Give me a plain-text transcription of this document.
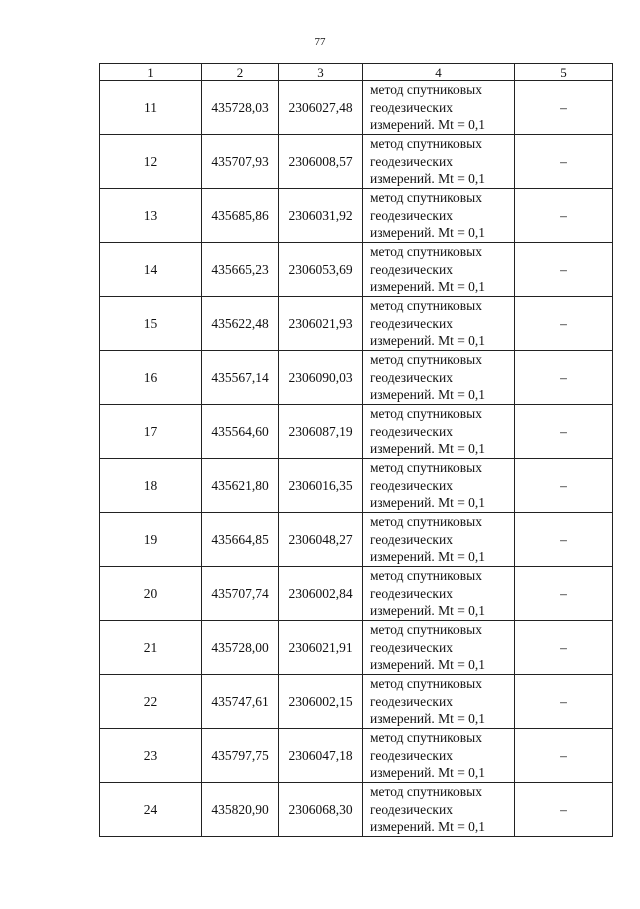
77
1	2	3	4	5
11	435728,03	2306027,48	метод спутниковых
геодезических
измерений. Mt = 0,1	–
12	435707,93	2306008,57	метод спутниковых
геодезических
измерений. Mt = 0,1	–
13	435685,86	2306031,92	метод спутниковых
геодезических
измерений. Mt = 0,1	–
14	435665,23	2306053,69	метод спутниковых
геодезических
измерений. Mt = 0,1	–
15	435622,48	2306021,93	метод спутниковых
геодезических
измерений. Mt = 0,1	–
16	435567,14	2306090,03	метод спутниковых
геодезических
измерений. Mt = 0,1	–
17	435564,60	2306087,19	метод спутниковых
геодезических
измерений. Mt = 0,1	–
18	435621,80	2306016,35	метод спутниковых
геодезических
измерений. Mt = 0,1	–
19	435664,85	2306048,27	метод спутниковых
геодезических
измерений. Mt = 0,1	–
20	435707,74	2306002,84	метод спутниковых
геодезических
измерений. Mt = 0,1	–
21	435728,00	2306021,91	метод спутниковых
геодезических
измерений. Mt = 0,1	–
22	435747,61	2306002,15	метод спутниковых
геодезических
измерений. Mt = 0,1	–
23	435797,75	2306047,18	метод спутниковых
геодезических
измерений. Mt = 0,1	–
24	435820,90	2306068,30	метод спутниковых
геодезических
измерений. Mt = 0,1	–
